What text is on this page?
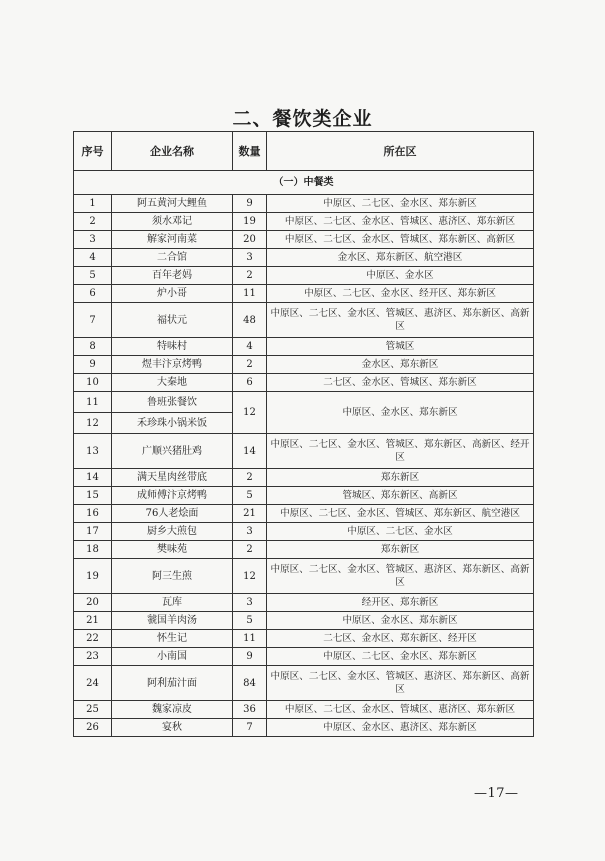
二、餐饮类企业
序号	企业名称	数量	所在区
（一）中餐类			
1	阿五黄河大鲤鱼	9	中原区、二七区、金水区、郑东新区
2	须水邓记	19	中原区、二七区、金水区、管城区、惠济区、郑东新区
3	解家河南菜	20	中原区、二七区、金水区、管城区、郑东新区、高新区
4	二合馆	3	金水区、郑东新区、航空港区
5	百年老妈	2	中原区、金水区
6	炉小哥	11	中原区、二七区、金水区、经开区、郑东新区
7	福状元	48	中原区、二七区、金水区、管城区、惠济区、郑东新区、高新区
8	特味村	4	管城区
9	煜丰汴京烤鸭	2	金水区、郑东新区
10	大秦地	6	二七区、金水区、管城区、郑东新区
11	鲁班张餐饮	12	中原区、金水区、郑东新区
12	禾珍珠小锅米饭		
13	广顺兴猪肚鸡	14	中原区、二七区、金水区、管城区、郑东新区、高新区、经开区
14	满天星肉丝带底	2	郑东新区
15	成师傅汴京烤鸭	5	管城区、郑东新区、高新区
16	76人老烩面	21	中原区、二七区、金水区、管城区、郑东新区、航空港区
17	厨乡大煎包	3	中原区、二七区、金水区
18	樊味苑	2	郑东新区
19	阿三生煎	12	中原区、二七区、金水区、管城区、惠济区、郑东新区、高新区
20	瓦库	3	经开区、郑东新区
21	虢国羊肉汤	5	中原区、金水区、郑东新区
22	怀生记	11	二七区、金水区、郑东新区、经开区
23	小南国	9	中原区、二七区、金水区、郑东新区
24	阿利茄汁面	84	中原区、二七区、金水区、管城区、惠济区、郑东新区、高新区
25	魏家凉皮	36	中原区、二七区、金水区、管城区、惠济区、郑东新区
26	宴秋	7	中原区、金水区、惠济区、郑东新区
—17—
